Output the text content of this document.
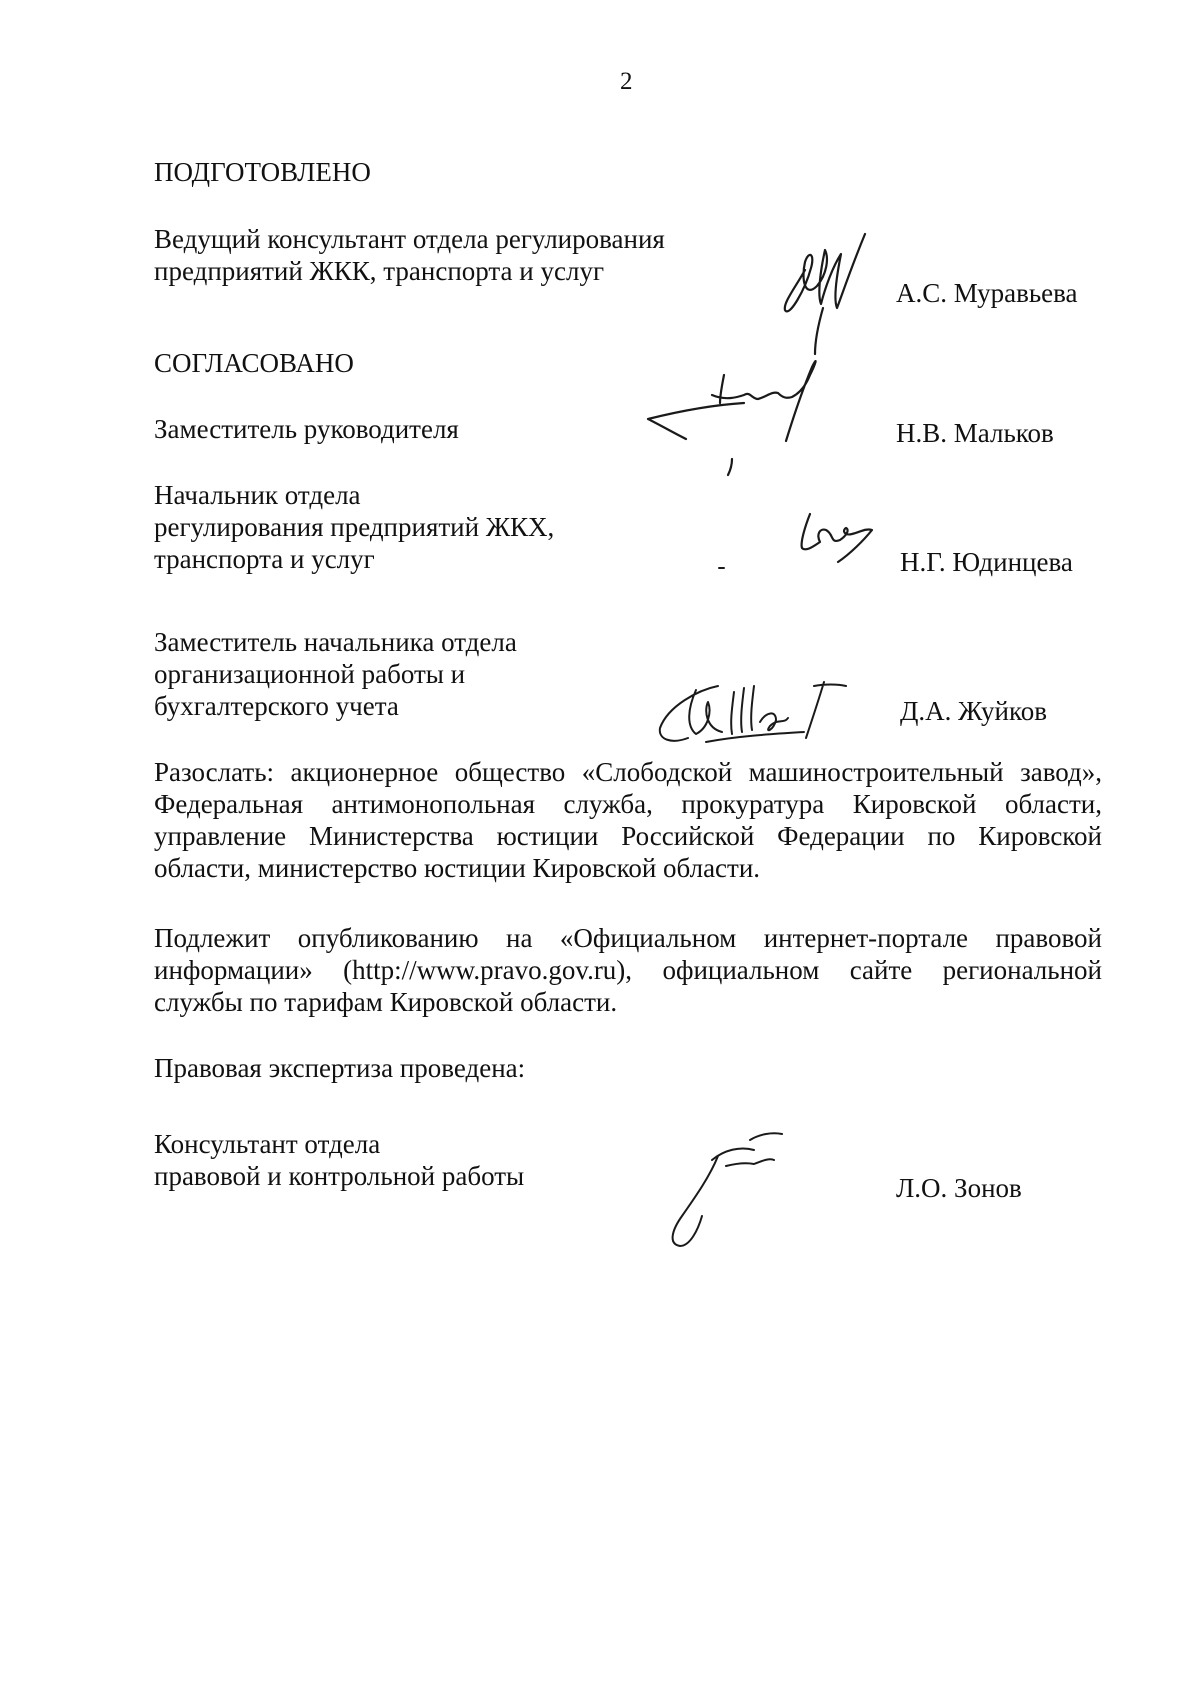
2
ПОДГОТОВЛЕНО
Ведущий консультант отдела регулирования
предприятий ЖКК, транспорта и услуг
А.С. Муравьева
СОГЛАСОВАНО
Заместитель руководителя	Н.В. Мальков
Начальник отдела
регулирования предприятий ЖКХ,
транспорта и услуг	Н.Г. Юдинцева
Заместитель начальника отдела
организационной работы и
бухгалтерского учета	Д.А. Жуйков
Разослать: акционерное общество «Слободской машиностроительный завод»,
Федеральная антимонопольная служба, прокуратура Кировской области,
управление Министерства юстиции Российской Федерации по Кировской
области, министерство юстиции Кировской области.
Подлежит опубликованию на «Официальном интернет-портале правовой
информации» (http://www.pravo.gov.ru), официальном сайте региональной
службы по тарифам Кировской области.
Правовая экспертиза проведена:
Консультант отдела
правовой и контрольной работы	Л.О. Зонов
